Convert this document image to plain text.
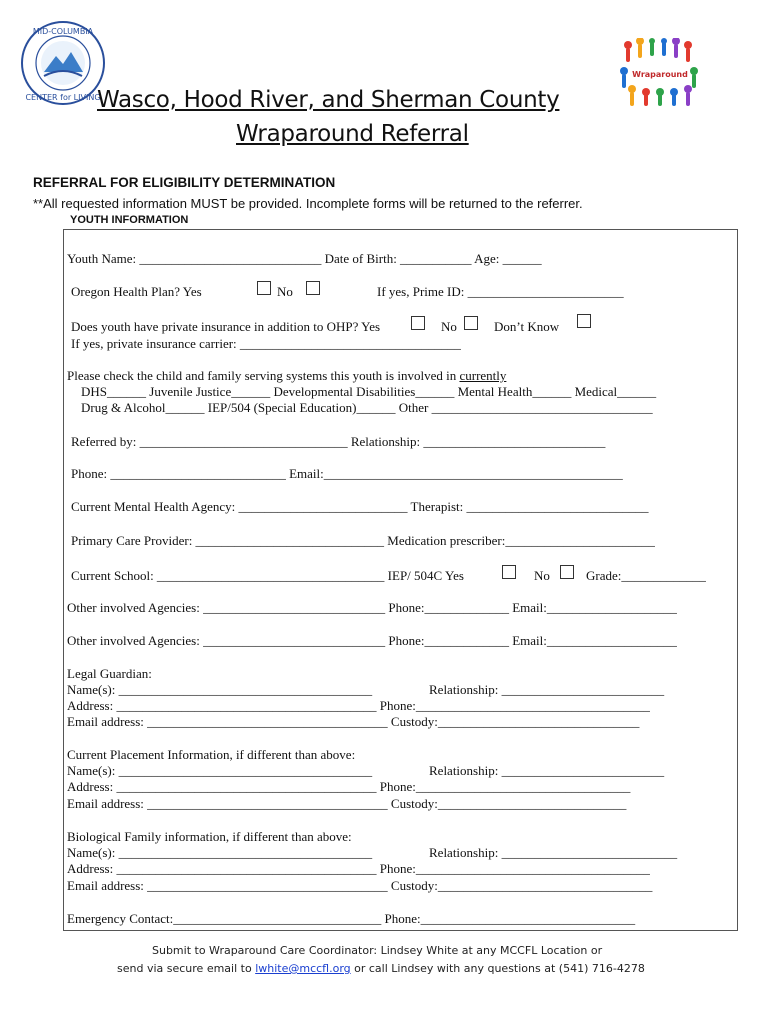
MID-COLUMBIA
CENTER for LIVING
Wraparound
Wasco, Hood River, and Sherman County
Wraparound Referral
REFERRAL FOR ELIGIBILITY DETERMINATION
**All requested information MUST be provided. Incomplete forms will be returned to the referrer.
YOUTH INFORMATION
Youth Name: ____________________________ Date of Birth: ___________ Age: ______
Oregon Health Plan? Yes	No	If yes, Prime ID: ________________________
Does youth have private insurance in addition to OHP? Yes	No	Don’t Know
If yes, private insurance carrier: __________________________________
Please check the child and family serving systems this youth is involved in currently
DHS______ Juvenile Justice______ Developmental Disabilities______ Mental Health______ Medical______
Drug & Alcohol______ IEP/504 (Special Education)______ Other __________________________________
Referred by: ________________________________ Relationship: ____________________________
Phone: ___________________________ Email:______________________________________________
Current Mental Health Agency: __________________________ Therapist: ____________________________
Primary Care Provider: _____________________________ Medication prescriber:_______________________
Current School: ___________________________________ IEP/ 504C Yes	No	Grade:_____________
Other involved Agencies: ____________________________ Phone:_____________ Email:____________________
Other involved Agencies: ____________________________ Phone:_____________ Email:____________________
Legal Guardian:
Name(s): _______________________________________	Relationship: _________________________
Address: ________________________________________ Phone:____________________________________
Email address: _____________________________________ Custody:_______________________________
Current Placement Information, if different than above:
Name(s): _______________________________________	Relationship: _________________________
Address: ________________________________________ Phone:_________________________________
Email address: _____________________________________ Custody:_____________________________
Biological Family information, if different than above:
Name(s): _______________________________________	Relationship: ___________________________
Address: ________________________________________ Phone:____________________________________
Email address: _____________________________________ Custody:_________________________________
Emergency Contact:________________________________ Phone:_________________________________
Submit to Wraparound Care Coordinator: Lindsey White at any MCCFL Location or
send via secure email to lwhite@mccfl.org or call Lindsey with any questions at (541) 716-4278
